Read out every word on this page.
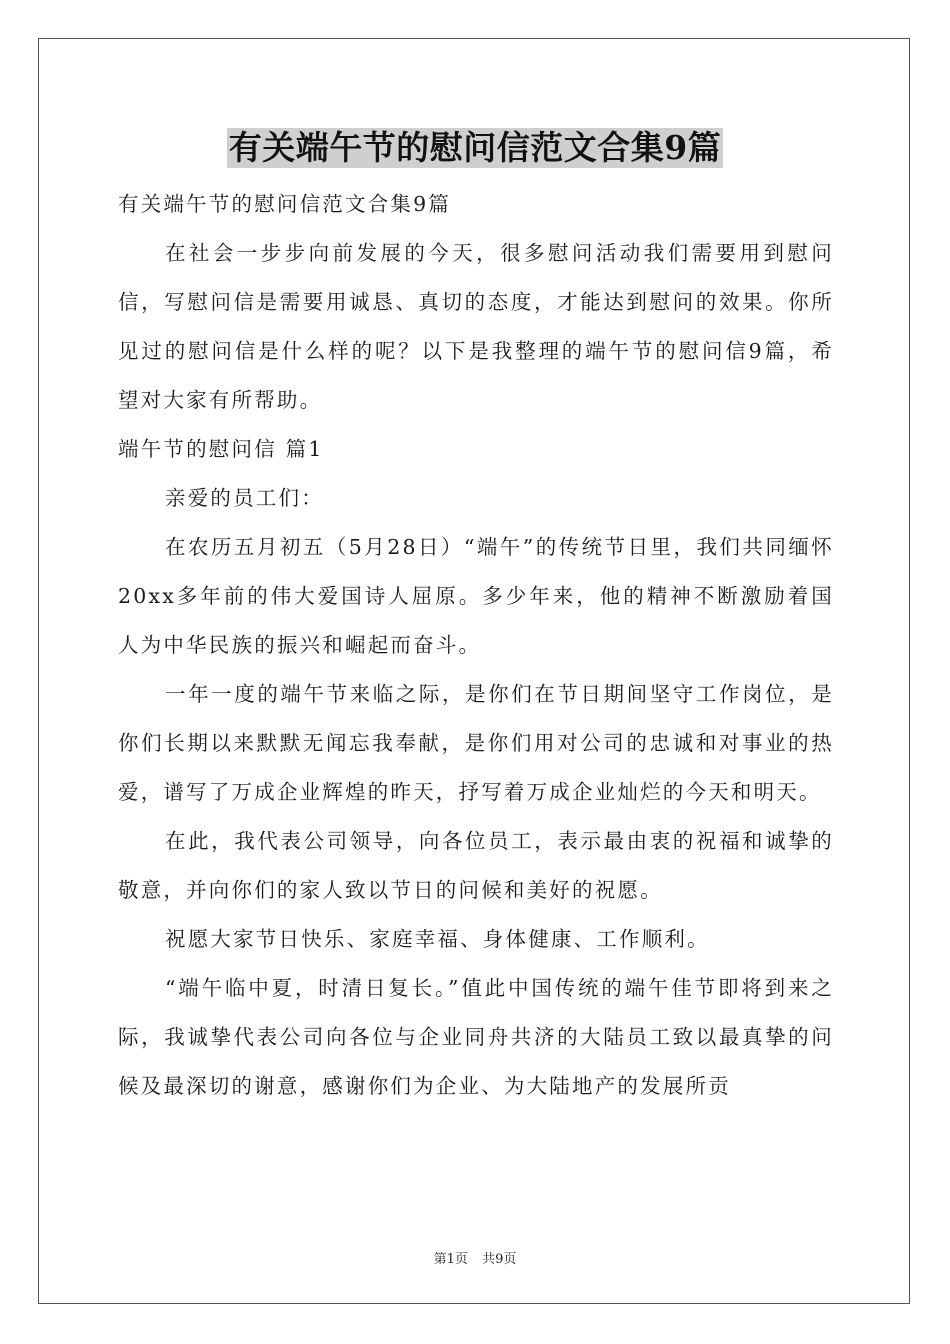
有关端午节的慰问信范文合集9篇
有关端午节的慰问信范文合集9篇

在社会一步步向前发展的今天，很多慰问活动我们需要用到慰问信，写慰问信是需要用诚恳、真切的态度，才能达到慰问的效果。你所见过的慰问信是什么样的呢？以下是我整理的端午节的慰问信9篇，希望对大家有所帮助。

端午节的慰问信 篇1

亲爱的员工们：

在农历五月初五（5月28日）“端午”的传统节日里，我们共同缅怀20xx多年前的伟大爱国诗人屈原。多少年来，他的精神不断激励着国人为中华民族的振兴和崛起而奋斗。

一年一度的端午节来临之际，是你们在节日期间坚守工作岗位，是你们长期以来默默无闻忘我奉献，是你们用对公司的忠诚和对事业的热爱，谱写了万成企业辉煌的昨天，抒写着万成企业灿烂的今天和明天。

在此，我代表公司领导，向各位员工，表示最由衷的祝福和诚挚的敬意，并向你们的家人致以节日的问候和美好的祝愿。

祝愿大家节日快乐、家庭幸福、身体健康、工作顺利。

“端午临中夏，时清日复长。”值此中国传统的端午佳节即将到来之际，我诚挚代表公司向各位与企业同舟共济的大陆员工致以最真挚的问候及最深切的谢意，感谢你们为企业、为大陆地产的发展所贡

第1页 共9页
